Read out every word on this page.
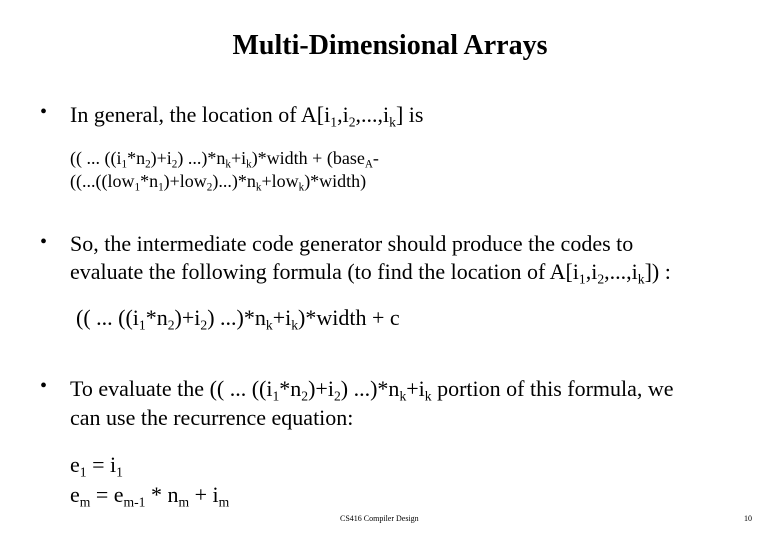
Multi-Dimensional Arrays
• In general, the location of $A[i_1,i_2,...,i_k]$ is
(( ... $((i_1*n_2)+i_2)$ $...)*n_k+i_k)*width$ + (base$_A$-
$((...((low_1*n_1)+low_2)...)*n_k+low_k)*width$)
• So, the intermediate code generator should produce the codes to
evaluate the following formula (to find the location of $A[i_1,i_2,...,i_k]$) :
(( ... $((i_1*n_2)+i_2)$ $...)*n_k+i_k)*width + c$
• To evaluate the (( ... $((i_1*n_2)+i_2)$ $...)*n_k+i_k$ portion of this formula, we
can use the recurrence equation:
$e_1 = i_1$
$e_m = e_{m-1} * n_m + i_m$
CS416 Compiler Design	10
